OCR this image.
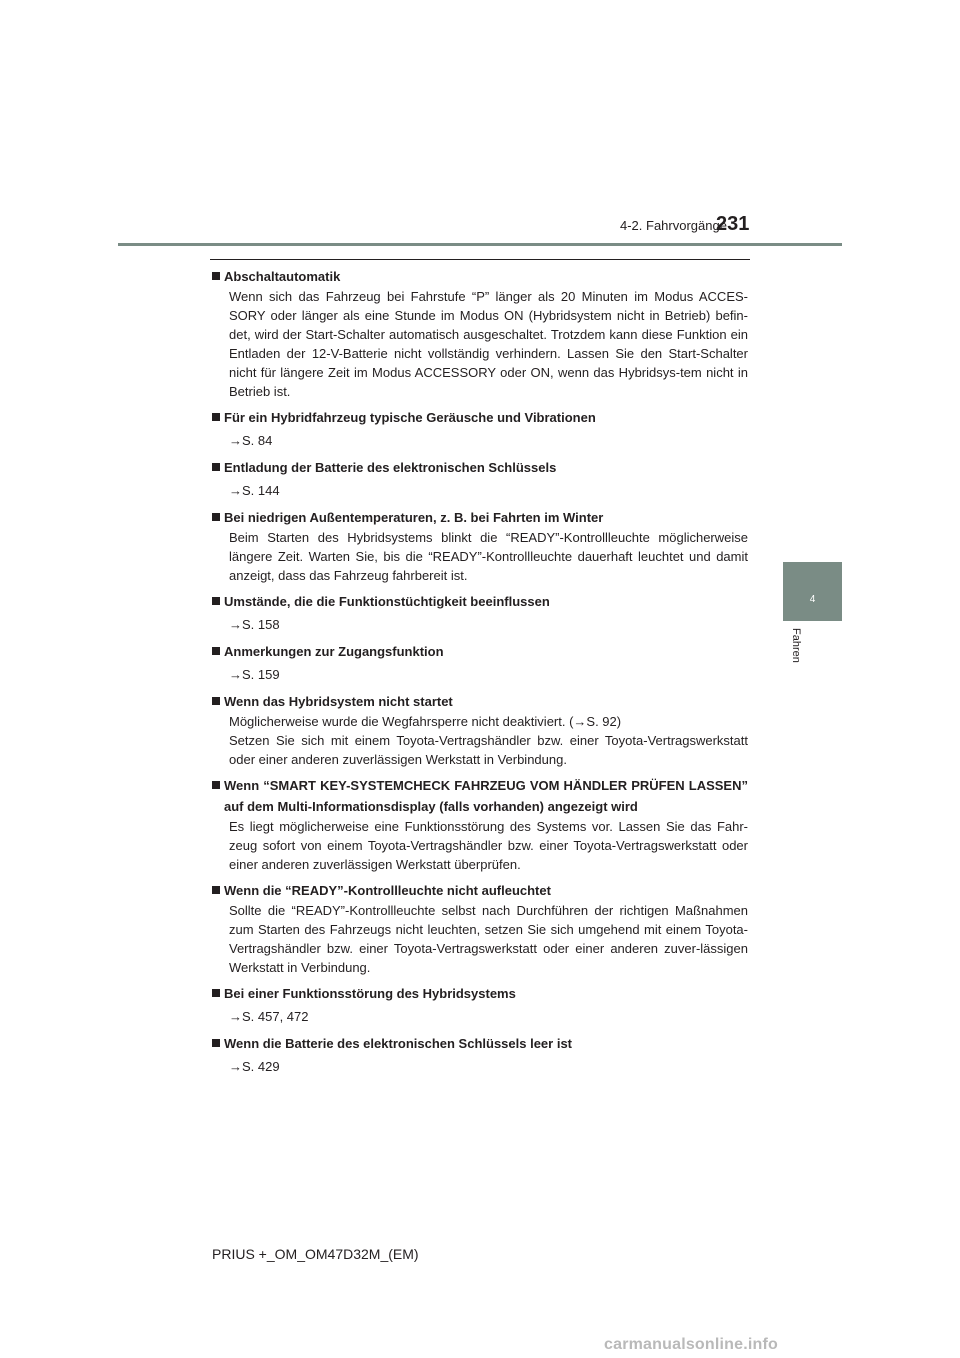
4-2. Fahrvorgänge
231
4
Fahren
Abschaltautomatik
Wenn sich das Fahrzeug bei Fahrstufe “P” länger als 20 Minuten im Modus ACCES-SORY oder länger als eine Stunde im Modus ON (Hybridsystem nicht in Betrieb) befin-det, wird der Start-Schalter automatisch ausgeschaltet. Trotzdem kann diese Funktion ein Entladen der 12-V-Batterie nicht vollständig verhindern. Lassen Sie den Start-Schalter nicht für längere Zeit im Modus ACCESSORY oder ON, wenn das Hybridsys-tem nicht in Betrieb ist.
Für ein Hybridfahrzeug typische Geräusche und Vibrationen
→S. 84
Entladung der Batterie des elektronischen Schlüssels
→S. 144
Bei niedrigen Außentemperaturen, z. B. bei Fahrten im Winter
Beim Starten des Hybridsystems blinkt die “READY”-Kontrollleuchte möglicherweise längere Zeit. Warten Sie, bis die “READY”-Kontrollleuchte dauerhaft leuchtet und damit anzeigt, dass das Fahrzeug fahrbereit ist.
Umstände, die die Funktionstüchtigkeit beeinflussen
→S. 158
Anmerkungen zur Zugangsfunktion
→S. 159
Wenn das Hybridsystem nicht startet
Möglicherweise wurde die Wegfahrsperre nicht deaktiviert. (→S. 92)
Setzen Sie sich mit einem Toyota-Vertragshändler bzw. einer Toyota-Vertragswerkstatt oder einer anderen zuverlässigen Werkstatt in Verbindung.
Wenn “SMART KEY-SYSTEMCHECK FAHRZEUG VOM HÄNDLER PRÜFEN LASSEN” auf dem Multi-Informationsdisplay (falls vorhanden) angezeigt wird
Es liegt möglicherweise eine Funktionsstörung des Systems vor. Lassen Sie das Fahr-zeug sofort von einem Toyota-Vertragshändler bzw. einer Toyota-Vertragswerkstatt oder einer anderen zuverlässigen Werkstatt überprüfen.
Wenn die “READY”-Kontrollleuchte nicht aufleuchtet
Sollte die “READY”-Kontrollleuchte selbst nach Durchführen der richtigen Maßnahmen zum Starten des Fahrzeugs nicht leuchten, setzen Sie sich umgehend mit einem Toyota-Vertragshändler bzw. einer Toyota-Vertragswerkstatt oder einer anderen zuver-lässigen Werkstatt in Verbindung.
Bei einer Funktionsstörung des Hybridsystems
→S. 457, 472
Wenn die Batterie des elektronischen Schlüssels leer ist
→S. 429
PRIUS +_OM_OM47D32M_(EM)
carmanualsonline.info
